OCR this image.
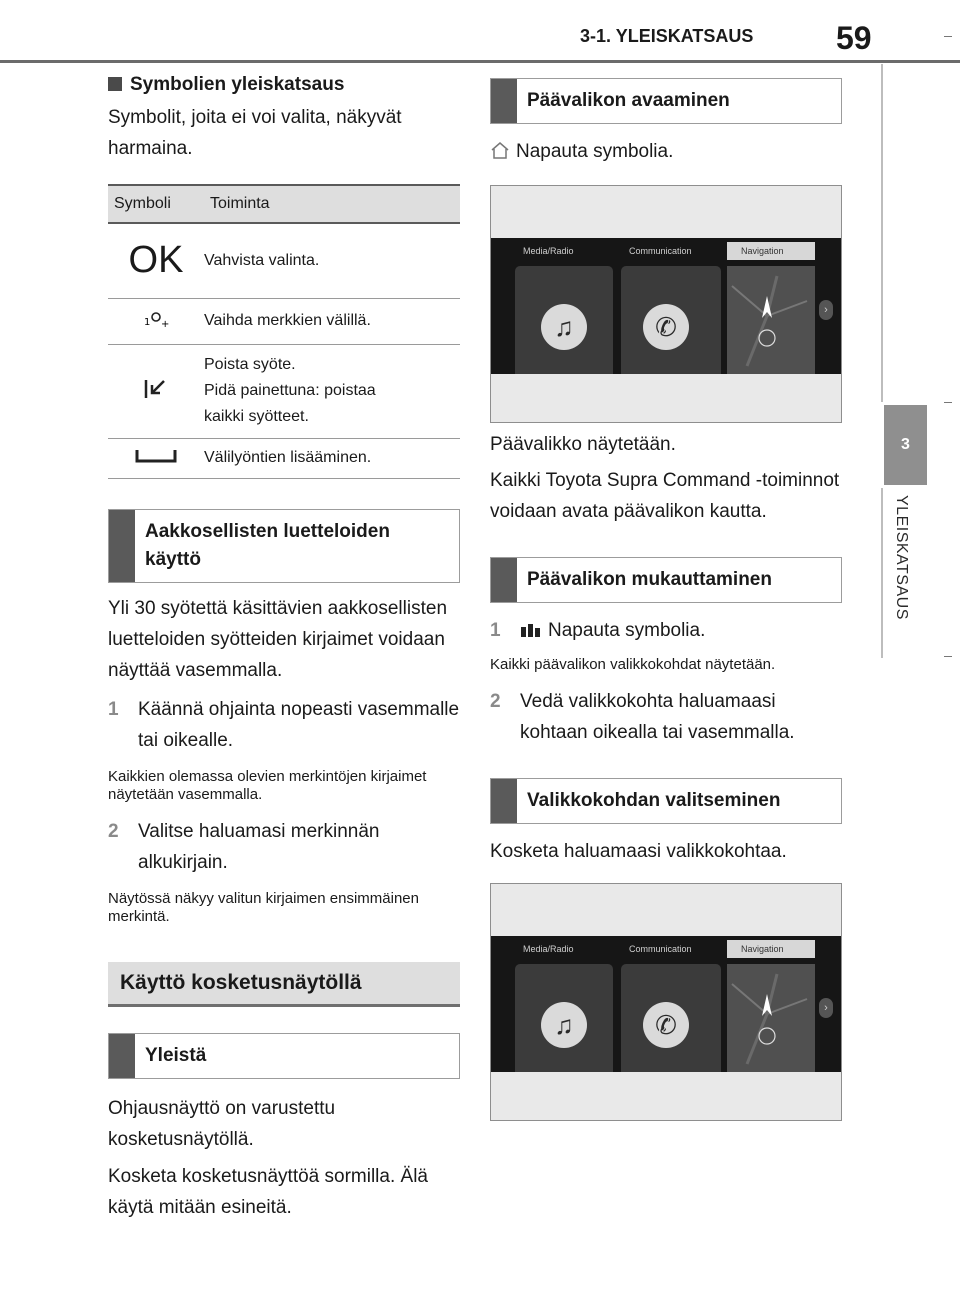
3-1. YLEISKATSAUS	59
3
YLEISKATSAUS
Symbolien yleiskatsaus
Symbolit, joita ei voi valita, näkyvät harmaina.
Symboli	Toiminta
OK	Vahvista valinta.

1 +	Vaihda merkkien välillä.

Poista syöte.
Pidä painettuna: poistaa
kaikki syötteet.

	Välilyöntien lisääminen.
Aakkosellisten luetteloiden käyttö
Yli 30 syötettä käsittävien aakkosellisten luetteloiden syötteiden kirjaimet voidaan näyttää vasemmalla.
1 Käännä ohjainta nopeasti vasemmalle tai oikealle.
Kaikkien olemassa olevien merkintöjen kirjaimet näytetään vasemmalla.
2 Valitse haluamasi merkinnän alkukirjain.
Näytössä näkyy valitun kirjaimen ensimmäinen merkintä.
Käyttö kosketusnäytöllä
Yleistä
Ohjausnäyttö on varustettu kosketusnäytöllä.
Kosketa kosketusnäyttöä sormilla. Älä käytä mitään esineitä.
Päävalikon avaaminen
Napauta symbolia.
Media/Radio
♫
Communication
✆
Navigation
›
Päävalikko näytetään.
Kaikki Toyota Supra Command -toiminnot voidaan avata päävalikon kautta.
Päävalikon mukauttaminen
1 Napauta symbolia.
Kaikki päävalikon valikkokohdat näytetään.
2 Vedä valikkokohta haluamaasi kohtaan oikealla tai vasemmalla.
Valikkokohdan valitseminen
Kosketa haluamaasi valikkokohtaa.
Media/Radio
♫
Communication
✆
Navigation
›
